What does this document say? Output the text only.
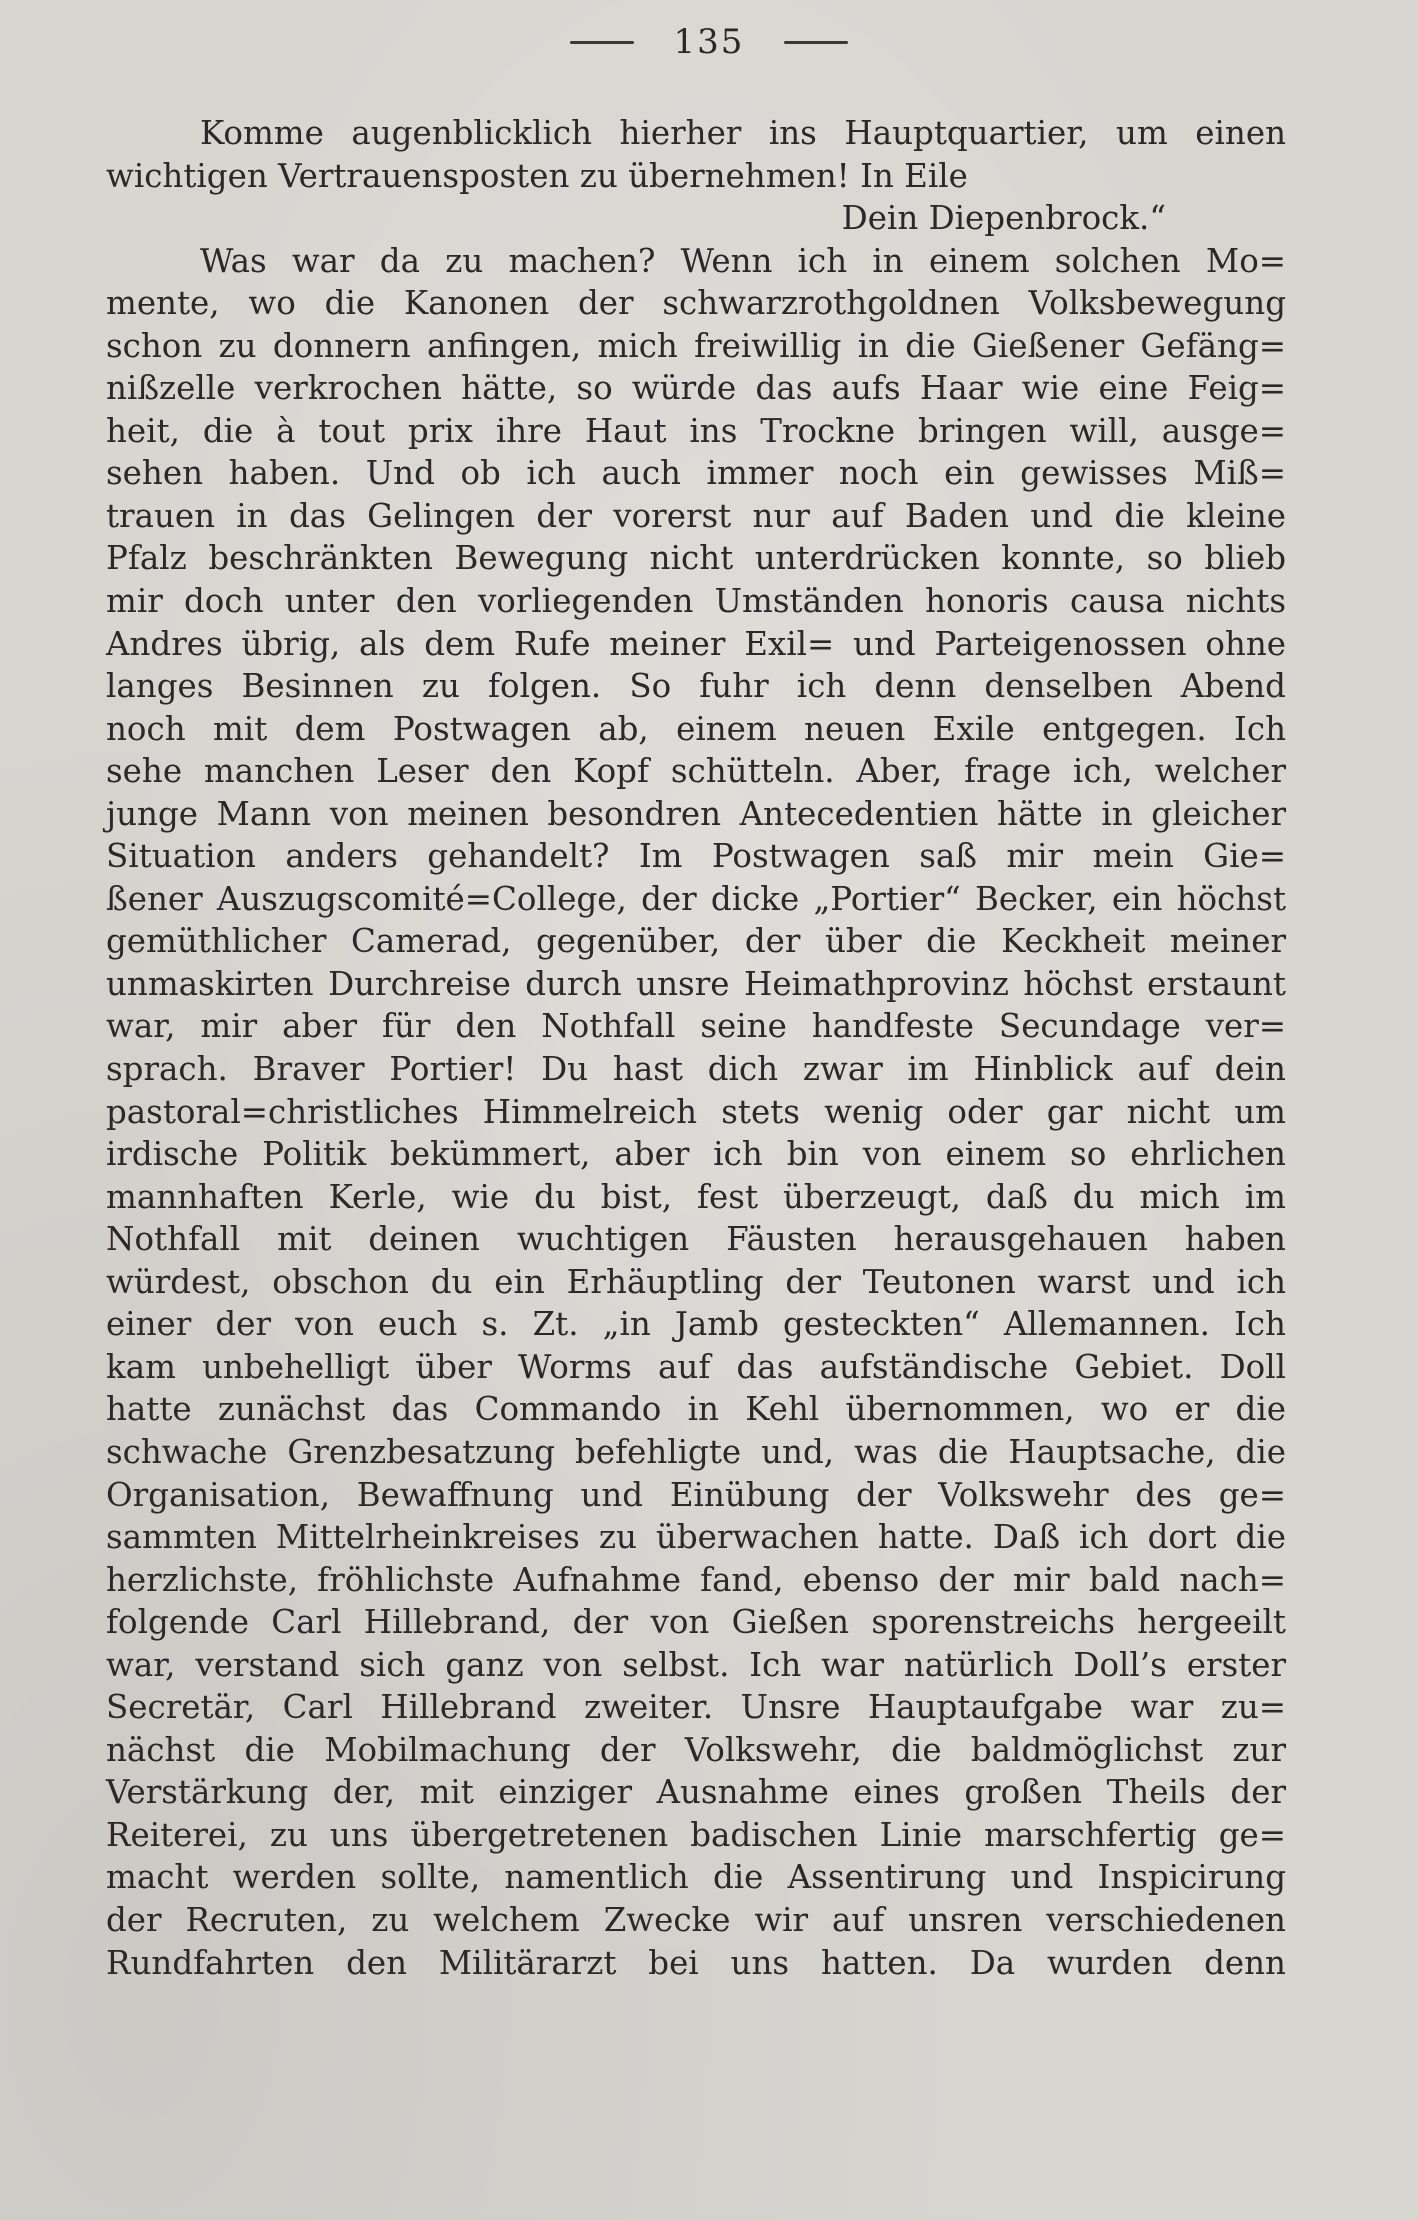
135
Komme augenblicklich hierher ins Hauptquartier, um einen
wichtigen Vertrauensposten zu übernehmen! In Eile
Dein Diepenbrock.“
Was war da zu machen? Wenn ich in einem solchen Mo=
mente, wo die Kanonen der schwarzrothgoldnen Volksbewegung
schon zu donnern anfingen, mich freiwillig in die Gießener Gefäng=
nißzelle verkrochen hätte, so würde das aufs Haar wie eine Feig=
heit, die à tout prix ihre Haut ins Trockne bringen will, ausge=
sehen haben. Und ob ich auch immer noch ein gewisses Miß=
trauen in das Gelingen der vorerst nur auf Baden und die kleine
Pfalz beschränkten Bewegung nicht unterdrücken konnte, so blieb
mir doch unter den vorliegenden Umständen honoris causa nichts
Andres übrig, als dem Rufe meiner Exil= und Parteigenossen ohne
langes Besinnen zu folgen. So fuhr ich denn denselben Abend
noch mit dem Postwagen ab, einem neuen Exile entgegen. Ich
sehe manchen Leser den Kopf schütteln. Aber, frage ich, welcher
junge Mann von meinen besondren Antecedentien hätte in gleicher
Situation anders gehandelt? Im Postwagen saß mir mein Gie=
ßener Auszugscomité=College, der dicke „Portier“ Becker, ein höchst
gemüthlicher Camerad, gegenüber, der über die Keckheit meiner
unmaskirten Durchreise durch unsre Heimathprovinz höchst erstaunt
war, mir aber für den Nothfall seine handfeste Secundage ver=
sprach. Braver Portier! Du hast dich zwar im Hinblick auf dein
pastoral=christliches Himmelreich stets wenig oder gar nicht um
irdische Politik bekümmert, aber ich bin von einem so ehrlichen
mannhaften Kerle, wie du bist, fest überzeugt, daß du mich im
Nothfall mit deinen wuchtigen Fäusten herausgehauen haben
würdest, obschon du ein Erhäuptling der Teutonen warst und ich
einer der von euch s. Zt. „in Jamb gesteckten“ Allemannen. Ich
kam unbehelligt über Worms auf das aufständische Gebiet. Doll
hatte zunächst das Commando in Kehl übernommen, wo er die
schwache Grenzbesatzung befehligte und, was die Hauptsache, die
Organisation, Bewaffnung und Einübung der Volkswehr des ge=
sammten Mittelrheinkreises zu überwachen hatte. Daß ich dort die
herzlichste, fröhlichste Aufnahme fand, ebenso der mir bald nach=
folgende Carl Hillebrand, der von Gießen sporenstreichs hergeeilt
war, verstand sich ganz von selbst. Ich war natürlich Doll’s erster
Secretär, Carl Hillebrand zweiter. Unsre Hauptaufgabe war zu=
nächst die Mobilmachung der Volkswehr, die baldmöglichst zur
Verstärkung der, mit einziger Ausnahme eines großen Theils der
Reiterei, zu uns übergetretenen badischen Linie marschfertig ge=
macht werden sollte, namentlich die Assentirung und Inspicirung
der Recruten, zu welchem Zwecke wir auf unsren verschiedenen
Rundfahrten den Militärarzt bei uns hatten. Da wurden denn
